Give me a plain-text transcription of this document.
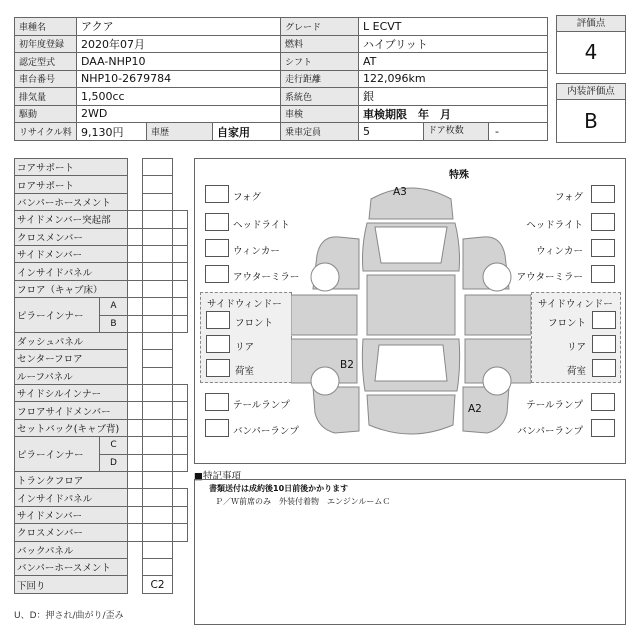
車種名	アクア			グレード	L ECVT
初年度登録	2020年07月			燃料	ハイブリット
認定型式	DAA-NHP10			シフト	AT
車台番号	NHP10-2679784			走行距離	122,096km
排気量	1,500cc			系統色	銀
駆動	2WD			車検	車検期限　年　月
リサイクル料	9,130円	車歴	自家用	乗車定員	5 ドア枚数 -
評価点
4
内装評価点
B
コアサポート				
ロアサポート				
バンパーホースメント				
サイドメンバー突起部				
クロスメンバー				
サイドメンバー				
インサイドパネル				
フロア（キャブ床）				
ピラーインナー	A			
	B			
ダッシュパネル				
センターフロア				
ルーフパネル				
サイドシルインナー				
フロアサイドメンバー				
セットバック(キャブ背)				
ピラーインナー	C			
	D			
トランクフロア				
インサイドパネル				
サイドメンバー				
クロスメンバー				
バックパネル				
バンパーホースメント				
下回り			C2	
U、D：押され/曲がり/歪み
特殊
フォグ
ヘッドライト
ウィンカー
アウターミラー
サイドウィンドー
フロント
リア
荷室
テールランプ
バンパーランプ
フォグ
ヘッドライト
ウィンカー
アウターミラー
サイドウィンドー
フロント
リア
荷室
テールランプ
バンパーランプ
A3
B2
A2
■特記事項
書類送付は成約後10日前後かかります
Ｐ／Ｗ前席のみ　外装付着物　エンジンルームＣ
